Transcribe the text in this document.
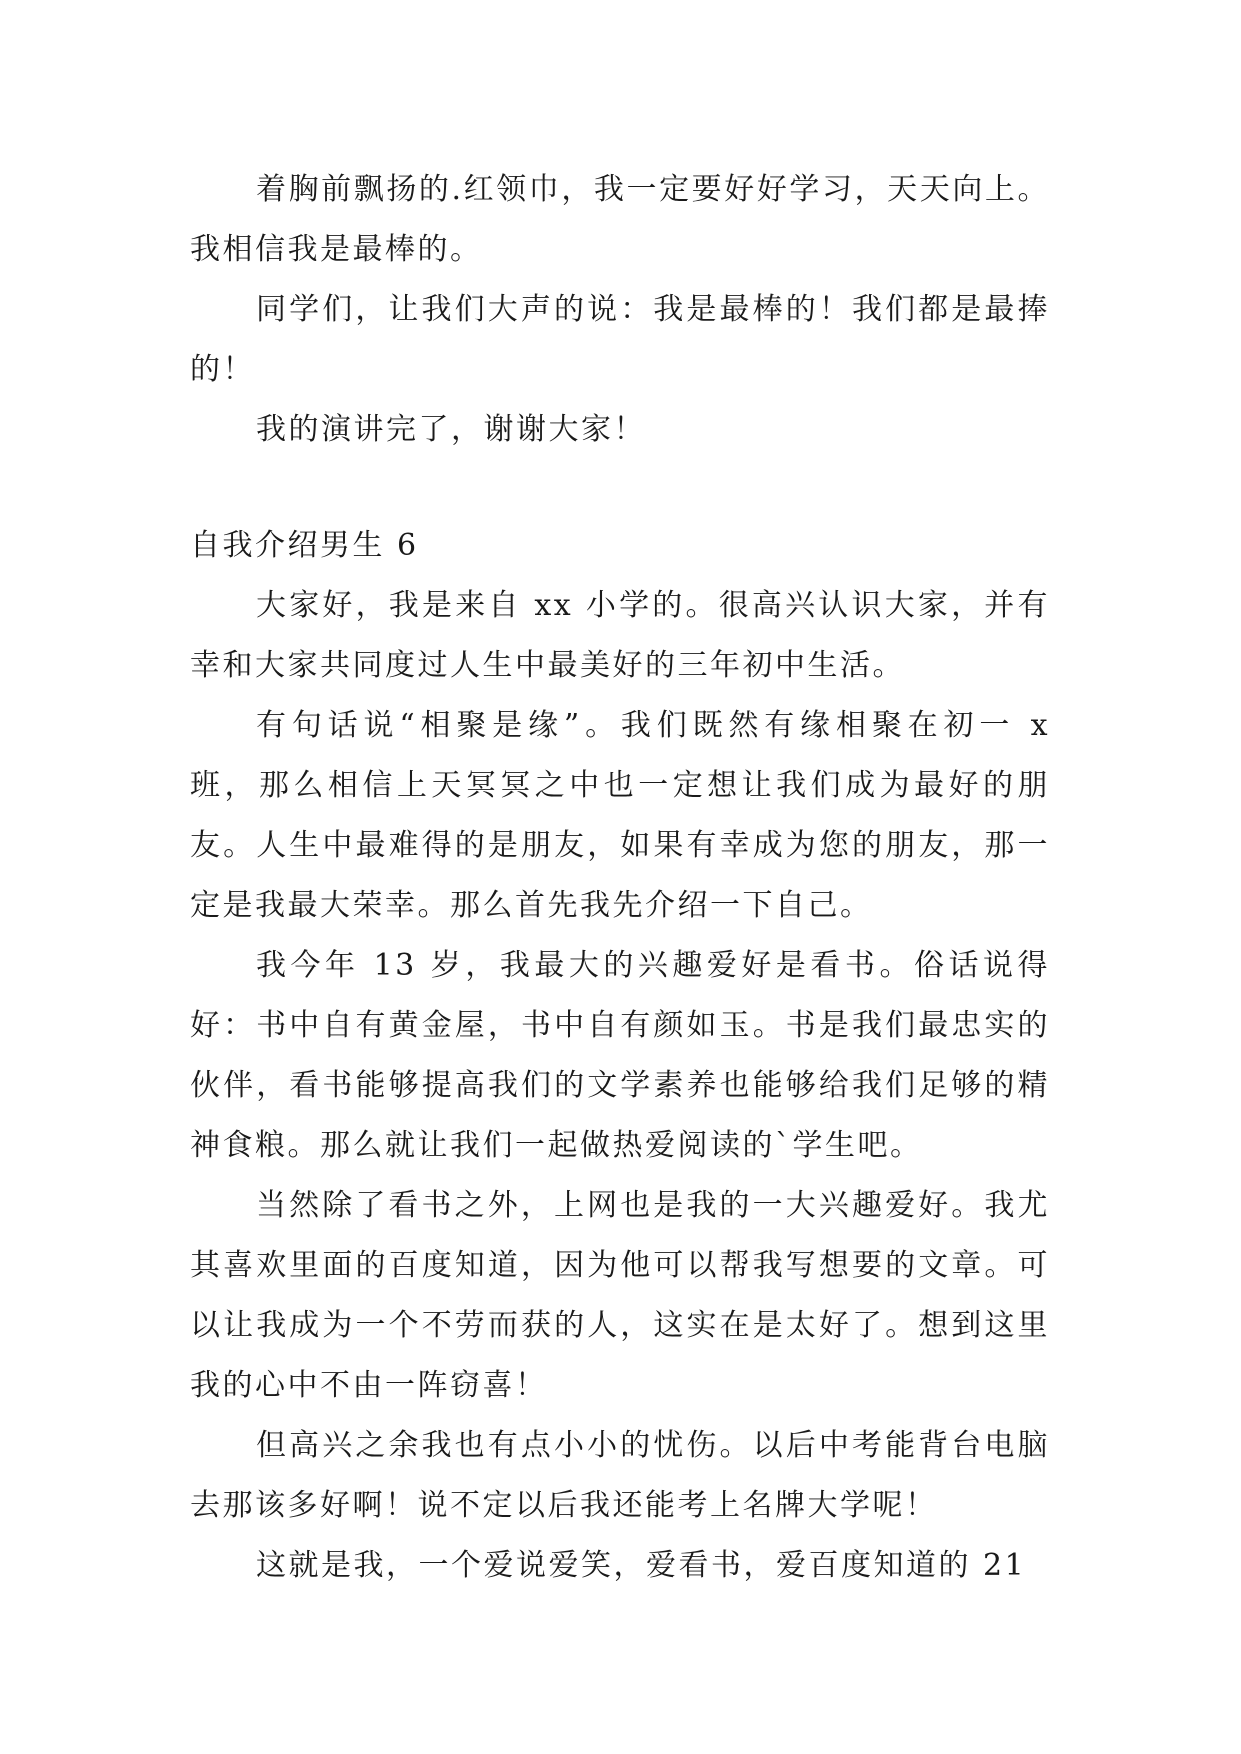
着胸前飘扬的.红领巾，我一定要好好学习，天天向上。我相信我是最棒的。

同学们，让我们大声的说：我是最棒的！我们都是最捧的！

我的演讲完了，谢谢大家！

自我介绍男生 6

大家好，我是来自 xx 小学的。很高兴认识大家，并有幸和大家共同度过人生中最美好的三年初中生活。

有句话说“相聚是缘”。我们既然有缘相聚在初一 x 班，那么相信上天冥冥之中也一定想让我们成为最好的朋友。人生中最难得的是朋友，如果有幸成为您的朋友，那一定是我最大荣幸。那么首先我先介绍一下自己。

我今年 13 岁，我最大的兴趣爱好是看书。俗话说得好：书中自有黄金屋，书中自有颜如玉。书是我们最忠实的伙伴，看书能够提高我们的文学素养也能够给我们足够的精神食粮。那么就让我们一起做热爱阅读的`学生吧。

当然除了看书之外，上网也是我的一大兴趣爱好。我尤其喜欢里面的百度知道，因为他可以帮我写想要的文章。可以让我成为一个不劳而获的人，这实在是太好了。想到这里我的心中不由一阵窃喜！

但高兴之余我也有点小小的忧伤。以后中考能背台电脑去那该多好啊！说不定以后我还能考上名牌大学呢！

这就是我，一个爱说爱笑，爱看书，爱百度知道的 21
